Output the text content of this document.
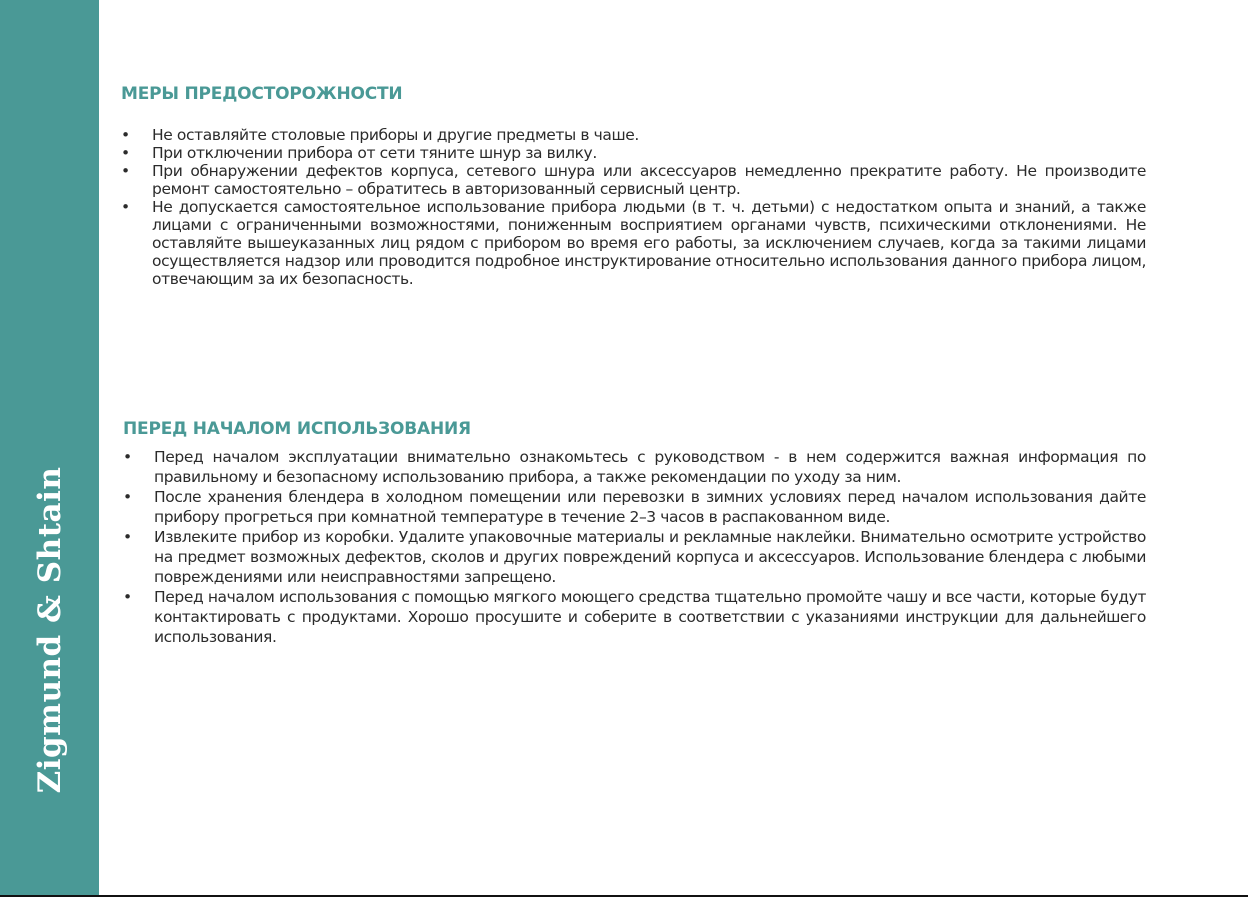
Zigmund & Shtain
МЕРЫ ПРЕДОСТОРОЖНОСТИ
• Не оставляйте столовые приборы и другие предметы в чаше.
• При отключении прибора от сети тяните шнур за вилку.
• При обнаружении дефектов корпуса, сетевого шнура или аксессуаров немедленно прекратите работу. Не производите ремонт самостоятельно – обратитесь в авторизованный сервисный центр.
• Не допускается самостоятельное использование прибора людьми (в т. ч. детьми) с недостатком опыта и знаний, а также лицами с ограниченными возможностями, пониженным восприятием органами чувств, психическими отклонениями. Не оставляйте вышеуказанных лиц рядом с прибором во время его работы, за исключением случаев, когда за такими лицами осуществляется надзор или проводится подробное инструктирование относительно использования данного прибора лицом, отвечающим за их безопасность.
ПЕРЕД НАЧАЛОМ ИСПОЛЬЗОВАНИЯ
• Перед началом эксплуатации внимательно ознакомьтесь с руководством - в нем содержится важная информация по правильному и безопасному использованию прибора, а также рекомендации по уходу за ним.
• После хранения блендера в холодном помещении или перевозки в зимних условиях перед началом использования дайте прибору прогреться при комнатной температуре в течение 2–3 часов в распакованном виде.
• Извлеките прибор из коробки. Удалите упаковочные материалы и рекламные наклейки. Внимательно осмотрите устройство на предмет возможных дефектов, сколов и других повреждений корпуса и аксессуаров. Использование блендера с любыми повреждениями или неисправностями запрещено.
• Перед началом использования с помощью мягкого моющего средства тщательно промойте чашу и все части, которые будут контактировать с продуктами. Хорошо просушите и соберите в соответствии с указаниями инструкции для дальнейшего использования.
